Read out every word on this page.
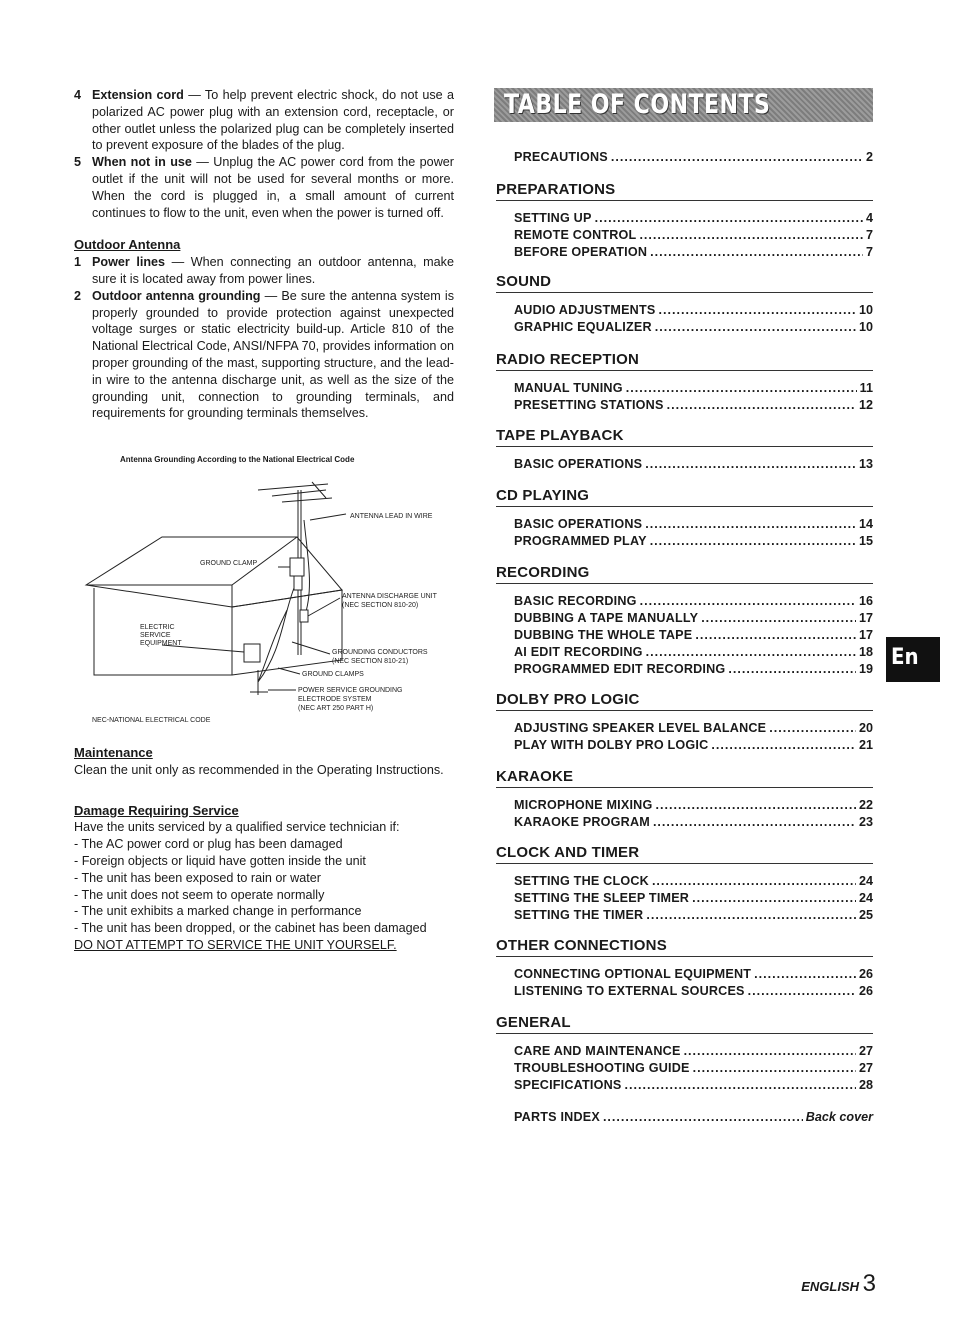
4 Extension cord — To help prevent electric shock, do not use a polarized AC power plug with an extension cord, receptacle, or other outlet unless the polarized plug can be completely inserted to prevent exposure of the blades of the plug.
5 When not in use — Unplug the AC power cord from the power outlet if the unit will not be used for several months or more. When the cord is plugged in, a small amount of current continues to flow to the unit, even when the power is turned off.
Outdoor Antenna
1 Power lines — When connecting an outdoor antenna, make sure it is located away from power lines.
2 Outdoor antenna grounding — Be sure the antenna system is properly grounded to provide protection against unexpected voltage surges or static electricity build-up. Article 810 of the National Electrical Code, ANSI/NFPA 70, provides information on proper grounding of the mast, supporting structure, and the lead-in wire to the antenna discharge unit, as well as the size of the grounding unit, connection to grounding terminals, and requirements for grounding terminals themselves.
Antenna Grounding According to the National Electrical Code
ANTENNA LEAD IN WIRE
GROUND CLAMP
ANTENNA DISCHARGE UNIT
(NEC SECTION 810-20)
ELECTRIC
SERVICE
EQUIPMENT
GROUNDING CONDUCTORS
(NEC SECTION 810-21)
GROUND CLAMPS
POWER SERVICE GROUNDING
ELECTRODE SYSTEM
(NEC ART 250 PART H)
NEC-NATIONAL ELECTRICAL CODE
Maintenance
Clean the unit only as recommended in the Operating Instructions.
Damage Requiring Service
Have the units serviced by a qualified service technician if:
- The AC power cord or plug has been damaged
- Foreign objects or liquid have gotten inside the unit
- The unit has been exposed to rain or water
- The unit does not seem to operate normally
- The unit exhibits a marked change in performance
- The unit has been dropped, or the cabinet has been damaged
DO NOT ATTEMPT TO SERVICE THE UNIT YOURSELF.
TABLE OF CONTENTS
PRECAUTIONS .....	2
PREPARATIONS
SETTING UP .....	4
REMOTE CONTROL .....	7
BEFORE OPERATION .....	7
SOUND
AUDIO ADJUSTMENTS .....	10
GRAPHIC EQUALIZER .....	10
RADIO RECEPTION
MANUAL TUNING .....	11
PRESETTING STATIONS .....	12
TAPE PLAYBACK
BASIC OPERATIONS .....	13
CD PLAYING
BASIC OPERATIONS .....	14
PROGRAMMED PLAY .....	15
RECORDING
BASIC RECORDING .....	16
DUBBING A TAPE MANUALLY .....	17
DUBBING THE WHOLE TAPE .....	17
AI EDIT RECORDING .....	18
PROGRAMMED EDIT RECORDING .....	19
DOLBY PRO LOGIC
ADJUSTING SPEAKER LEVEL BALANCE .....	20
PLAY WITH DOLBY PRO LOGIC .....	21
KARAOKE
MICROPHONE MIXING .....	22
KARAOKE PROGRAM .....	23
CLOCK AND TIMER
SETTING THE CLOCK .....	24
SETTING THE SLEEP TIMER .....	24
SETTING THE TIMER .....	25
OTHER CONNECTIONS
CONNECTING OPTIONAL EQUIPMENT .....	26
LISTENING TO EXTERNAL SOURCES .....	26
GENERAL
CARE AND MAINTENANCE .....	27
TROUBLESHOOTING GUIDE .....	27
SPECIFICATIONS .....	28
PARTS INDEX .....	Back cover
En
ENGLISH 3
